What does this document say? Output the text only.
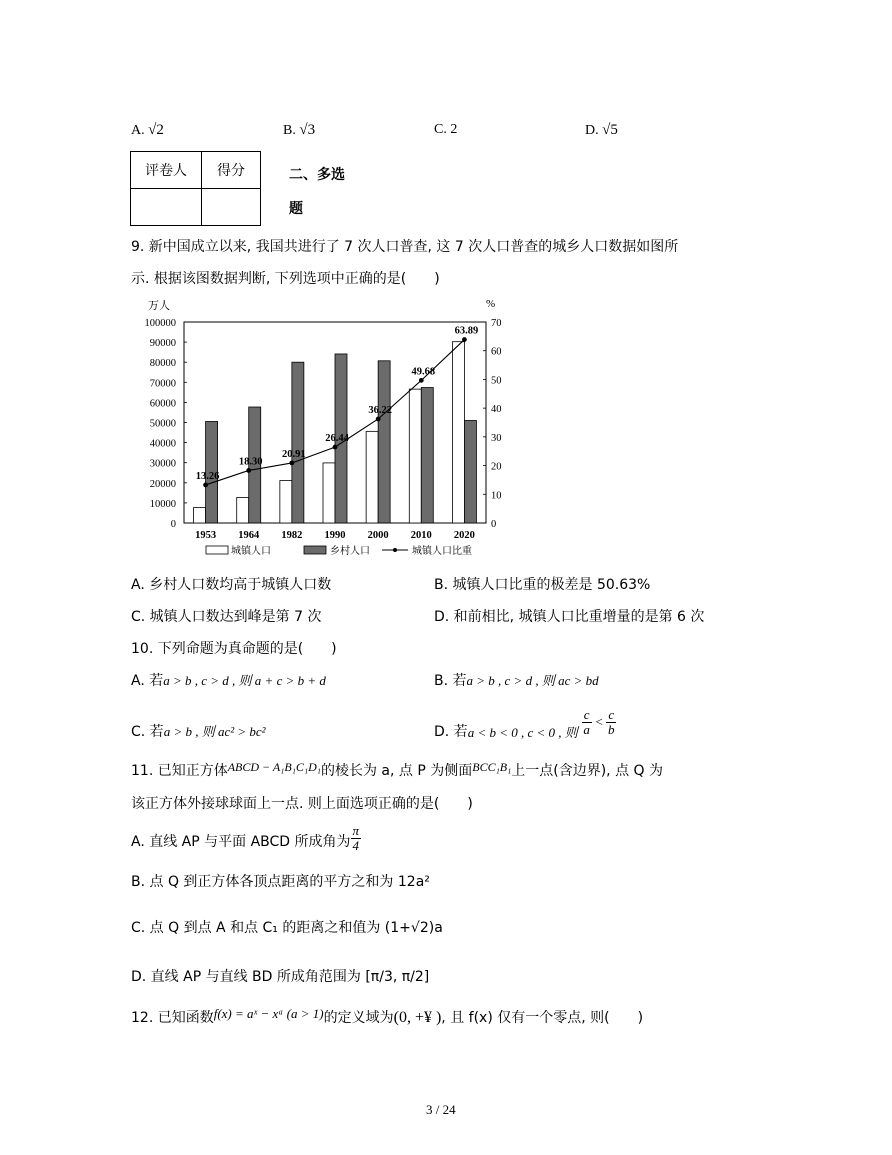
A. √2	B. √3	C. 2	D. √5
评卷人	得分
		二、多选
题
9. 新中国成立以来, 我国共进行了 7 次人口普查, 这 7 次人口普查的城乡人口数据如图所
示. 根据该图数据判断, 下列选项中正确的是(　　)
万人	%
0
10000
20000
30000
40000
50000
60000
70000
80000
90000
100000
0
10
20
30
40
50
60
70
13.26
18.30
20.91
26.44
36.22
49.68
63.89
1953 1964 1982 1990 2000 2010 2020
城镇人口	乡村人口	城镇人口比重
A. 乡村人口数均高于城镇人口数	B. 城镇人口比重的极差是 50.63%
C. 城镇人口数达到峰是第 7 次	D. 和前相比, 城镇人口比重增量的是第 6 次
10. 下列命题为真命题的是(　　)
A. 若a > b , c > d , 则 a + c > b + d	B. 若a > b , c > d , 则 ac > bd
C. 若a > b , 则 ac² > bc²	D. 若 a < b < 0 , c < 0 , 则 $\frac{c}{a} < \frac{c}{b}$
11. 已知正方体ABCD − A₁B₁C₁D₁的棱长为 a, 点 P 为侧面BCC₁B₁上一点(含边界), 点 Q 为
该正方体外接球球面上一点. 则上面选项正确的是(　　)
A. 直线 AP 与平面 ABCD 所成角为 $\frac{\pi}{4}$
B. 点 Q 到正方体各顶点距离的平方之和为 12a²
C. 点 Q 到点 A 和点 C₁ 的距离之和值为 (1+√2)a
D. 直线 AP 与直线 BD 所成角范围为 [π/3, π/2]
12. 已知函数f(x) = aˣ − xᵃ (a > 1)的定义域为(0, +¥ ), 且 f(x) 仅有一个零点, 则(　　)
3 / 24
